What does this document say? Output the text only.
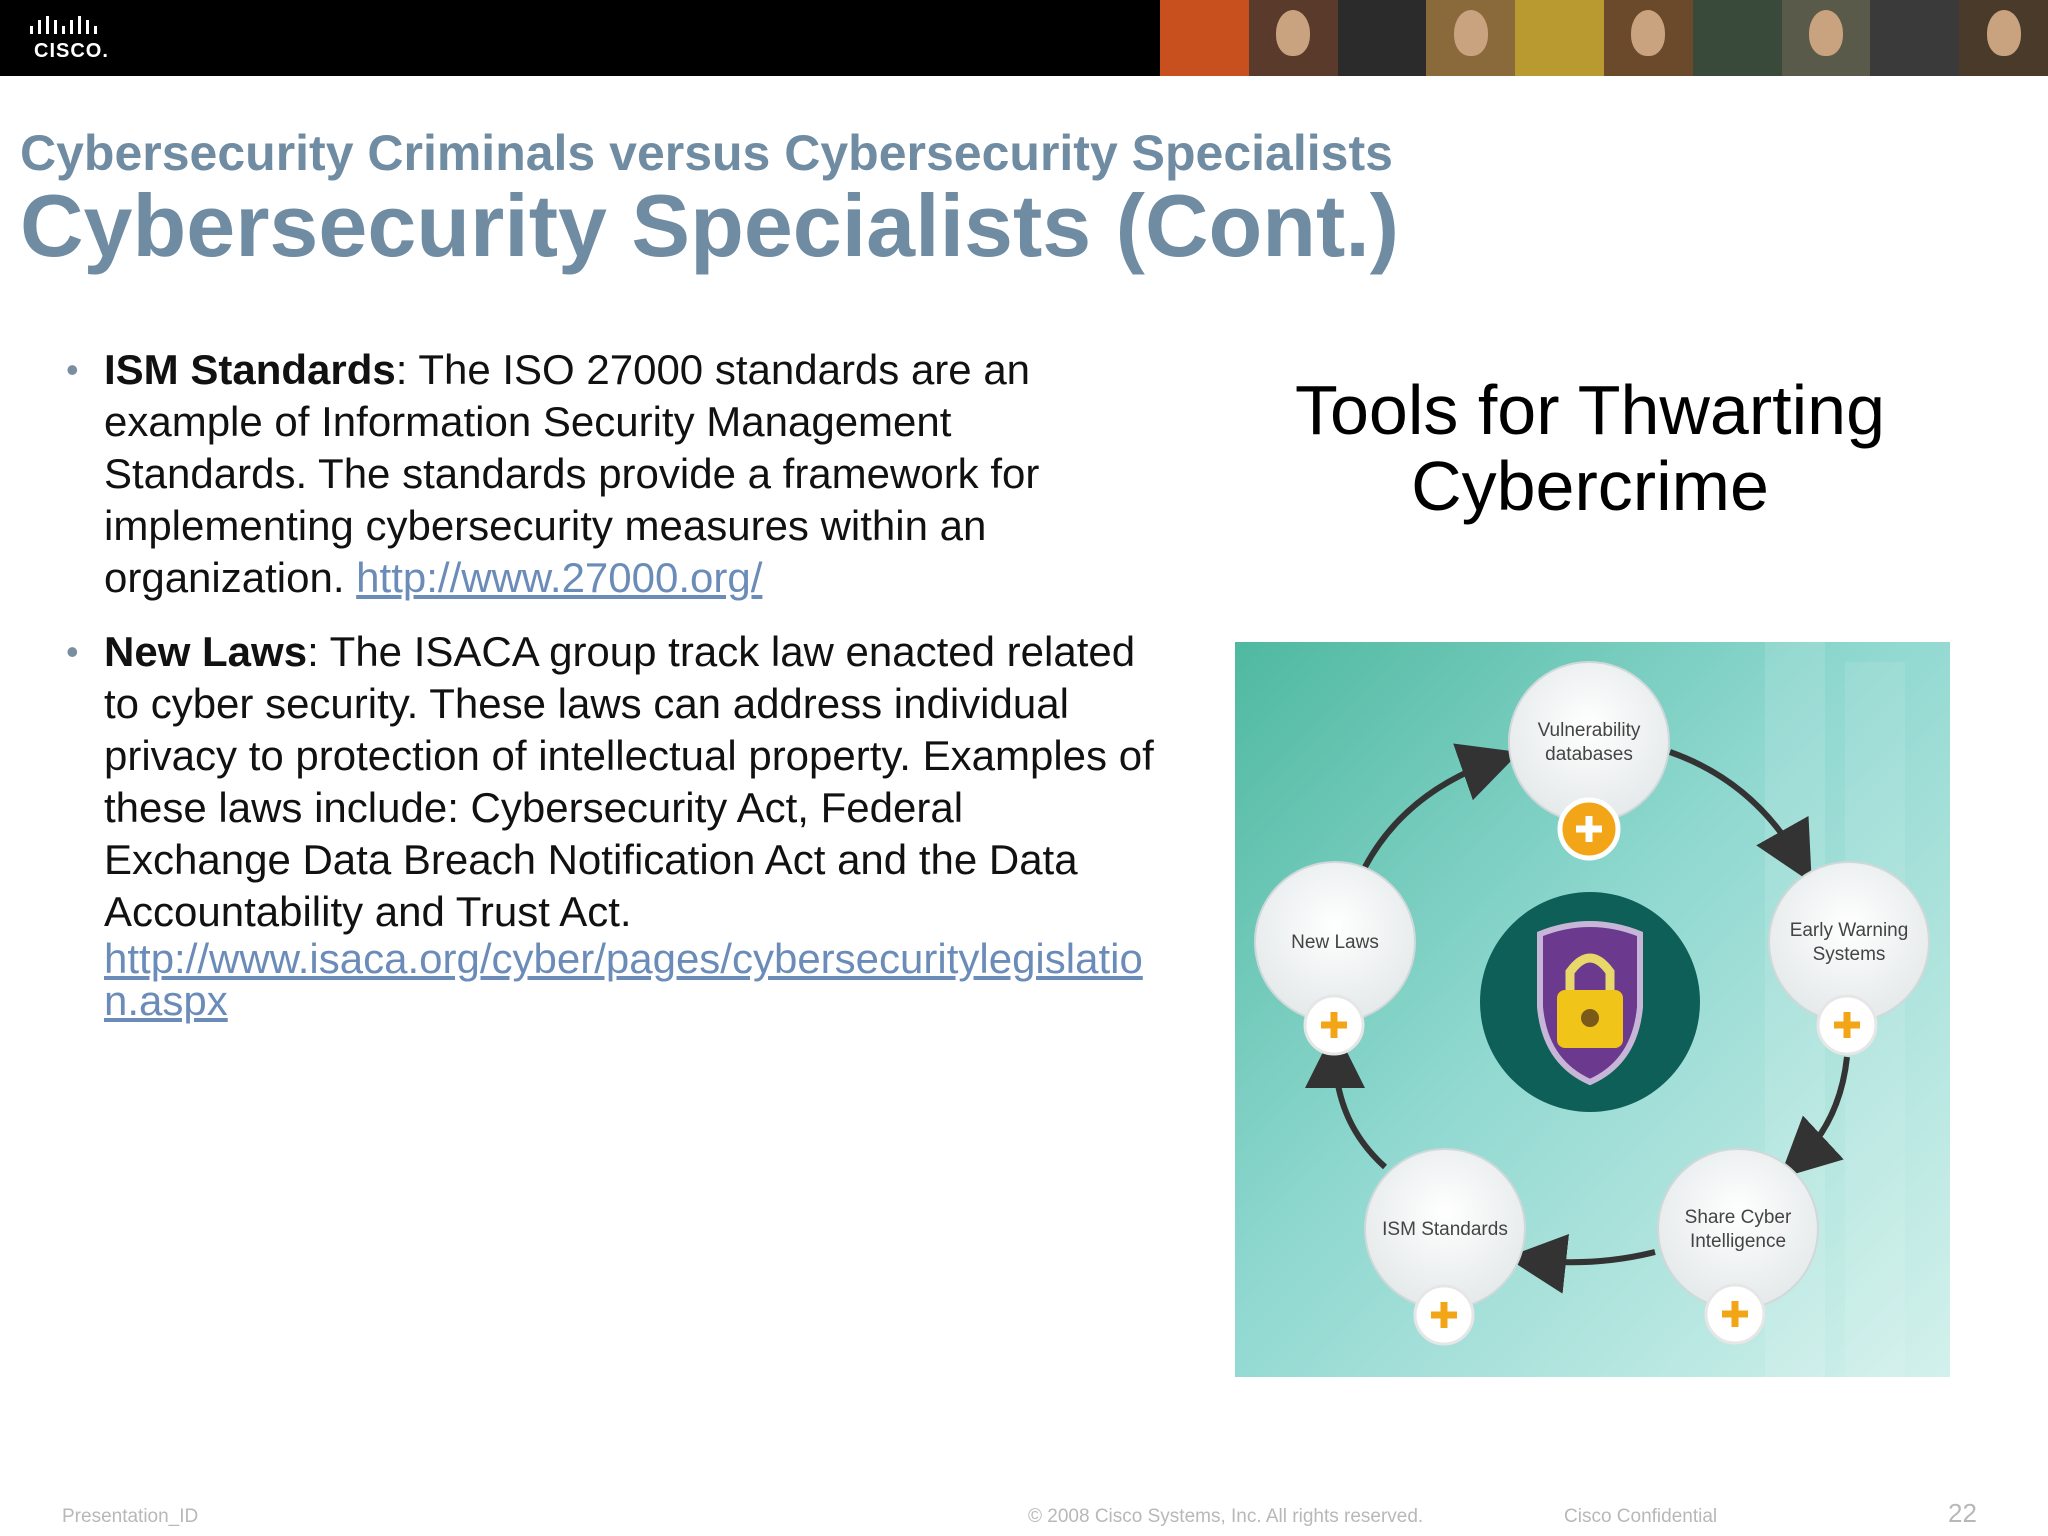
CISCO.
Cybersecurity Criminals versus Cybersecurity Specialists
Cybersecurity Specialists (Cont.)
• ISM Standards: The ISO 27000 standards are an example of Information Security Management Standards. The standards provide a framework for implementing cybersecurity measures within an organization. http://www.27000.org/
• New Laws: The ISACA group track law enacted related to cyber security. These laws can address individual privacy to protection of intellectual property. Examples of these laws include: Cybersecurity Act, Federal Exchange Data Breach Notification Act and the Data Accountability and Trust Act.
http://www.isaca.org/cyber/pages/cybersecuritylegislation.aspx
Tools for Thwarting Cybercrime
Vulnerability
databases
Early Warning
Systems
Share Cyber
Intelligence
ISM Standards
New Laws
Presentation_ID	© 2008 Cisco Systems, Inc. All rights reserved.	Cisco Confidential	22
